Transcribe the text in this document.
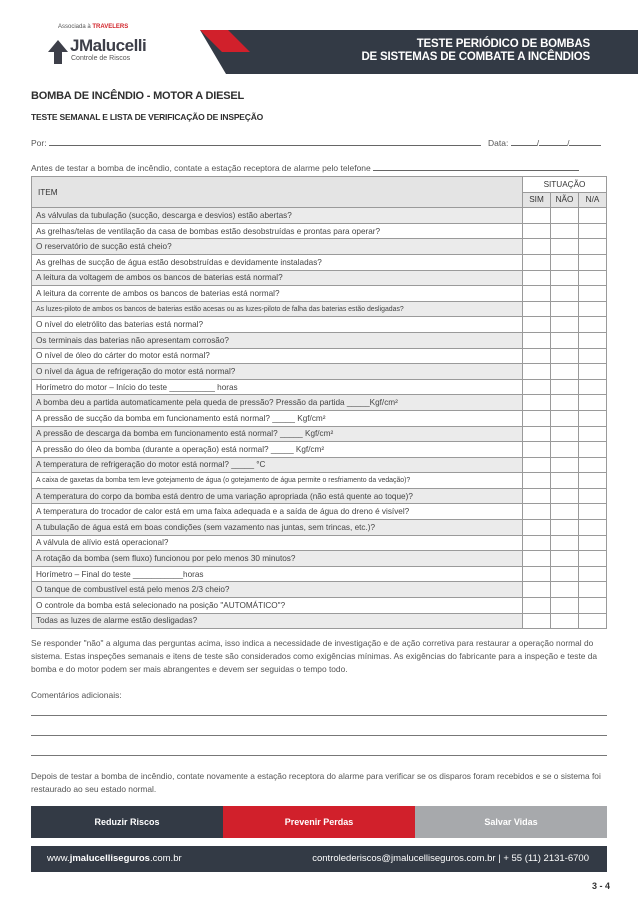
Associada à TRAVELERS
JMalucelli
Controle de Riscos
TESTE PERIÓDICO DE BOMBAS
DE SISTEMAS DE COMBATE A INCÊNDIOS
BOMBA DE INCÊNDIO - MOTOR A DIESEL
TESTE SEMANAL E LISTA DE VERIFICAÇÃO DE INSPEÇÃO
Por:	Data:	/	/
Antes de testar a bomba de incêndio, contate a estação receptora de alarme pelo telefone
ITEM	SITUAÇÃO		
	SIM	NÃO	N/A
As válvulas da tubulação (sucção, descarga e desvios) estão abertas?			
As grelhas/telas de ventilação da casa de bombas estão desobstruídas e prontas para operar?			
O reservatório de sucção está cheio?			
As grelhas de sucção de água estão desobstruídas e devidamente instaladas?			
A leitura da voltagem de ambos os bancos de baterias está normal?			
A leitura da corrente de ambos os bancos de baterias está normal?			
As luzes-piloto de ambos os bancos de baterias estão acesas ou as luzes-piloto de falha das baterias estão desligadas?			
O nível do eletrólito das baterias está normal?			
Os terminais das baterias não apresentam corrosão?			
O nível de óleo do cárter do motor está normal?			
O nível da água de refrigeração do motor está normal?			
Horímetro do motor – Início do teste __________ horas			
A bomba deu a partida automaticamente pela queda de pressão? Pressão da partida _____Kgf/cm²			
A pressão de sucção da bomba em funcionamento está normal? _____ Kgf/cm²			
A pressão de descarga da bomba em funcionamento está normal? _____ Kgf/cm²			
A pressão do óleo da bomba (durante a operação) está normal? _____ Kgf/cm²			
A temperatura de refrigeração do motor está normal? _____ °C			
A caixa de gaxetas da bomba tem leve gotejamento de água (o gotejamento de água permite o resfriamento da vedação)?			
A temperatura do corpo da bomba está dentro de uma variação apropriada (não está quente ao toque)?			
A temperatura do trocador de calor está em uma faixa adequada e a saída de água do dreno é visível?			
A tubulação de água está em boas condições (sem vazamento nas juntas, sem trincas, etc.)?			
A válvula de alívio está operacional?			
A rotação da bomba (sem fluxo) funcionou por pelo menos 30 minutos?			
Horímetro – Final do teste ___________horas			
O tanque de combustível está pelo menos 2/3 cheio?			
O controle da bomba está selecionado na posição "AUTOMÁTICO"?			
Todas as luzes de alarme estão desligadas?			
Se responder "não" a alguma das perguntas acima, isso indica a necessidade de investigação e de ação corretiva para restaurar a operação normal do sistema. Estas inspeções semanais e itens de teste são considerados como exigências mínimas. As exigências do fabricante para a inspeção e teste da bomba e do motor podem ser mais abrangentes e devem ser seguidas o tempo todo.
Comentários adicionais:
Depois de testar a bomba de incêndio, contate novamente a estação receptora do alarme para verificar se os disparos foram recebidos e se o sistema foi restaurado ao seu estado normal.
Reduzir Riscos	Prevenir Perdas	Salvar Vidas
www.jmalucelliseguros.com.br	controlederiscos@jmalucelliseguros.com.br | + 55 (11) 2131-6700
3 - 4
